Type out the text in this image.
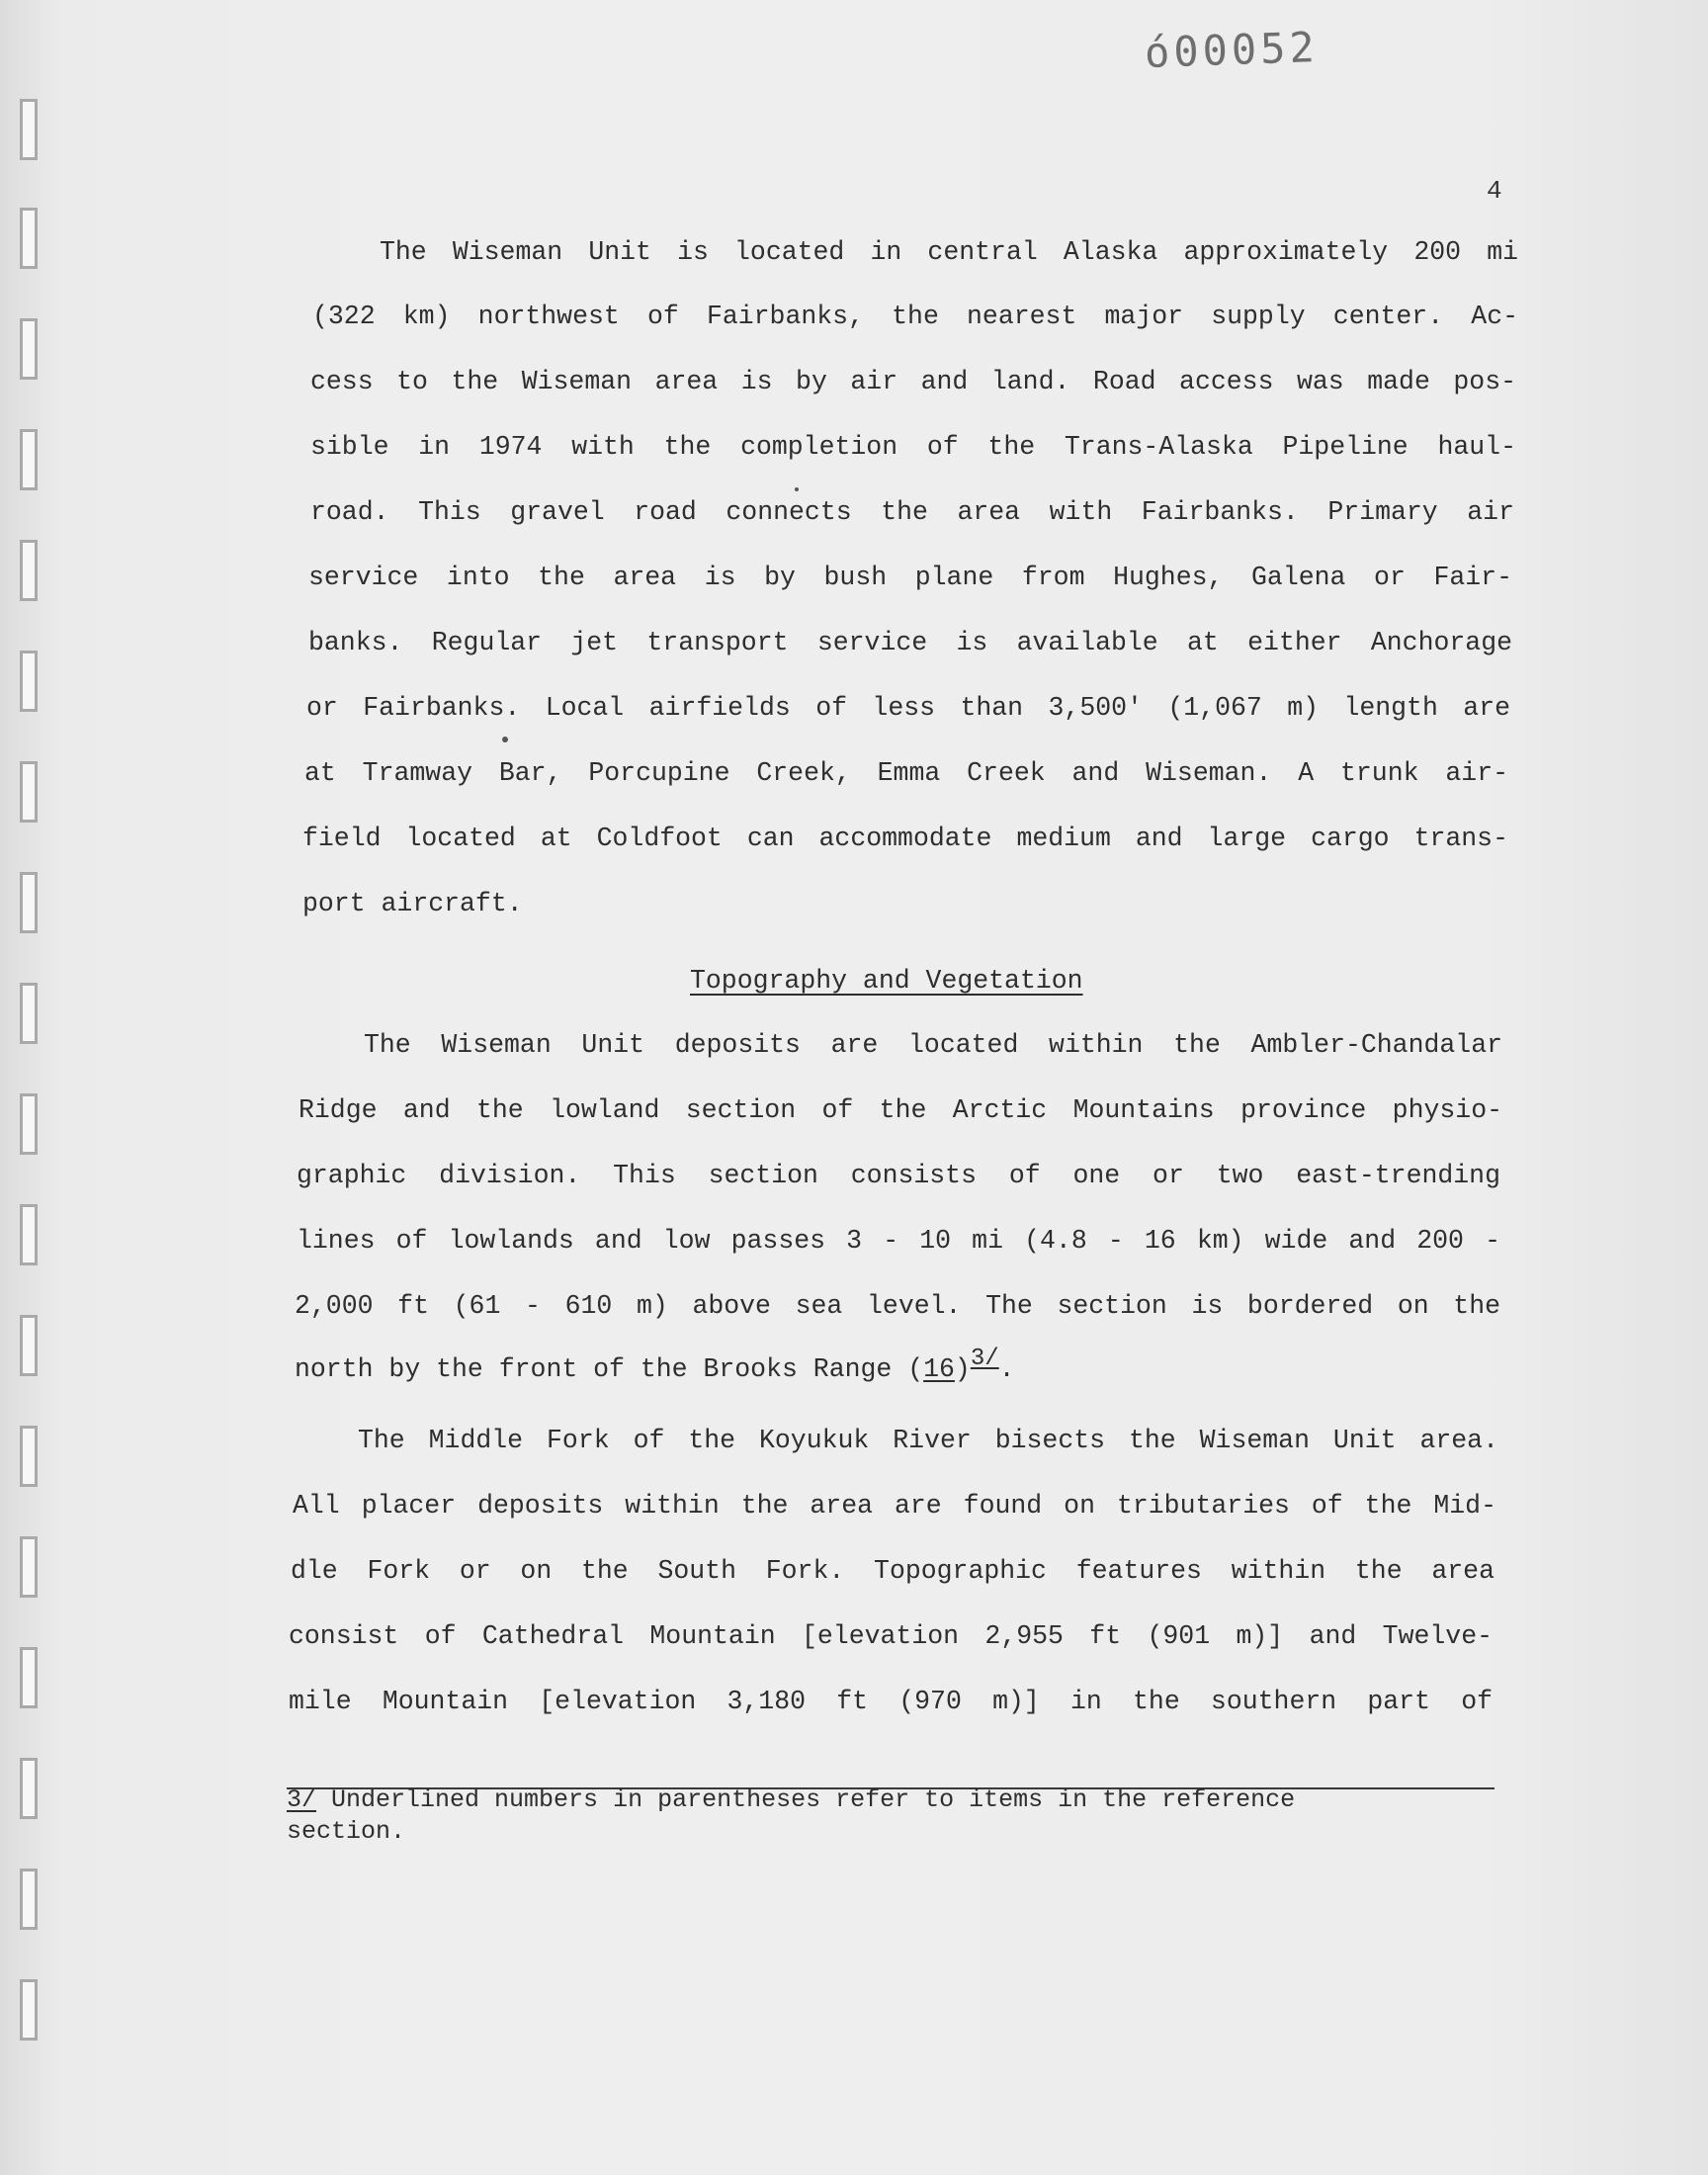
ó00052
4
The Wiseman Unit is located in central Alaska approximately 200 mi
(322 km) northwest of Fairbanks, the nearest major supply center. Ac-
cess to the Wiseman area is by air and land. Road access was made pos-
sible in 1974 with the completion of the Trans-Alaska Pipeline haul-
road. This gravel road connects the area with Fairbanks. Primary air
service into the area is by bush plane from Hughes, Galena or Fair-
banks. Regular jet transport service is available at either Anchorage
or Fairbanks. Local airfields of less than 3,500' (1,067 m) length are
at Tramway Bar, Porcupine Creek, Emma Creek and Wiseman. A trunk air-
field located at Coldfoot can accommodate medium and large cargo trans-
port aircraft.
Topography and Vegetation
The Wiseman Unit deposits are located within the Ambler-Chandalar
Ridge and the lowland section of the Arctic Mountains province physio-
graphic division. This section consists of one or two east-trending
lines of lowlands and low passes 3 - 10 mi (4.8 - 16 km) wide and 200 -
2,000 ft (61 - 610 m) above sea level. The section is bordered on the
north by the front of the Brooks Range (16)3/.
The Middle Fork of the Koyukuk River bisects the Wiseman Unit area.
All placer deposits within the area are found on tributaries of the Mid-
dle Fork or on the South Fork. Topographic features within the area
consist of Cathedral Mountain [elevation 2,955 ft (901 m)] and Twelve-
mile Mountain [elevation 3,180 ft (970 m)] in the southern part of
3/ Underlined numbers in parentheses refer to items in the reference
section.
